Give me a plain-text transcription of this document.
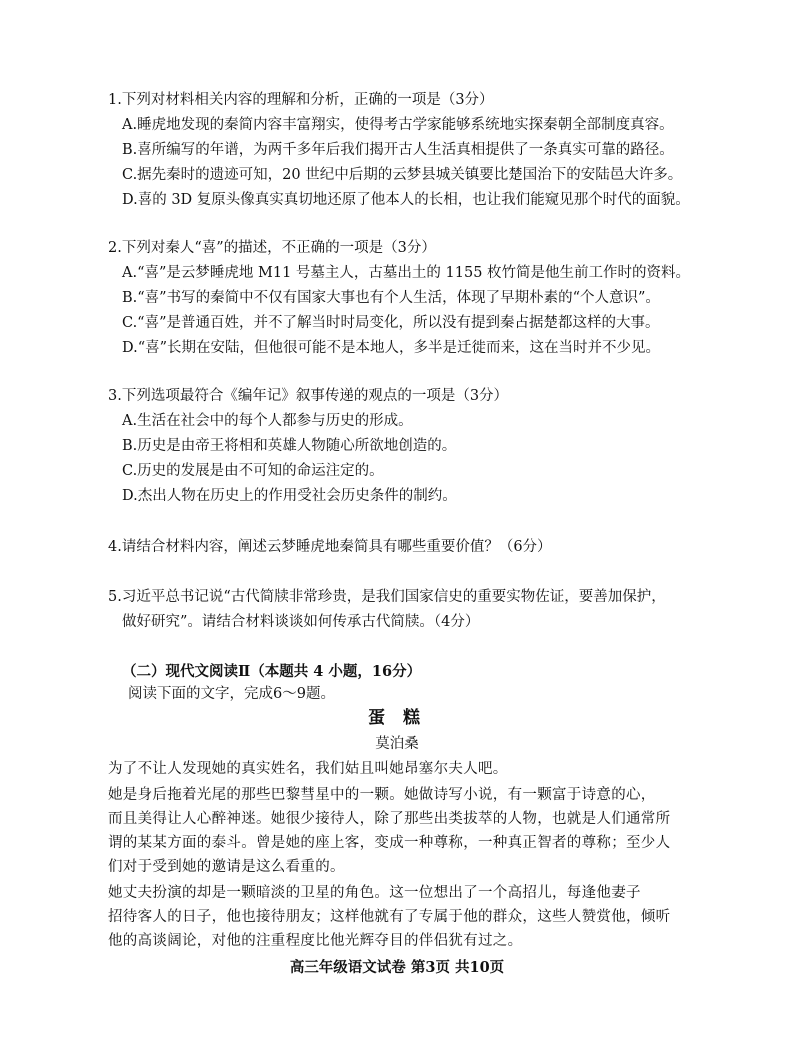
1.下列对材料相关内容的理解和分析，正确的一项是（3分）
A.睡虎地发现的秦简内容丰富翔实，使得考古学家能够系统地实探秦朝全部制度真容。
B.喜所编写的年谱，为两千多年后我们揭开古人生活真相提供了一条真实可靠的路径。
C.据先秦时的遗迹可知，20 世纪中后期的云梦县城关镇要比楚国治下的安陆邑大许多。
D.喜的 3D 复原头像真实真切地还原了他本人的长相，也让我们能窥见那个时代的面貌。
2.下列对秦人“喜”的描述，不正确的一项是（3分）
A.“喜”是云梦睡虎地 M11 号墓主人，古墓出土的 1155 枚竹简是他生前工作时的资料。
B.“喜”书写的秦简中不仅有国家大事也有个人生活，体现了早期朴素的“个人意识”。
C.“喜”是普通百姓，并不了解当时时局变化，所以没有提到秦占据楚都这样的大事。
D.“喜”长期在安陆，但他很可能不是本地人，多半是迁徙而来，这在当时并不少见。
3.下列选项最符合《编年记》叙事传递的观点的一项是（3分）
A.生活在社会中的每个人都参与历史的形成。
B.历史是由帝王将相和英雄人物随心所欲地创造的。
C.历史的发展是由不可知的命运注定的。
D.杰出人物在历史上的作用受社会历史条件的制约。
4.请结合材料内容，阐述云梦睡虎地秦简具有哪些重要价值？（6分）
5.习近平总书记说“古代简牍非常珍贵，是我们国家信史的重要实物佐证，要善加保护，
做好研究”。请结合材料谈谈如何传承古代简牍。（4分）
（二）现代文阅读Ⅱ（本题共 4 小题，16分）
阅读下面的文字，完成6～9题。
蛋 糕
莫泊桑
为了不让人发现她的真实姓名，我们姑且叫她昂塞尔夫人吧。
她是身后拖着光尾的那些巴黎彗星中的一颗。她做诗写小说，有一颗富于诗意的心，
而且美得让人心醉神迷。她很少接待人，除了那些出类拔萃的人物，也就是人们通常所
谓的某某方面的泰斗。曾是她的座上客，变成一种尊称，一种真正智者的尊称；至少人
们对于受到她的邀请是这么看重的。
她丈夫扮演的却是一颗暗淡的卫星的角色。这一位想出了一个高招儿，每逢他妻子
招待客人的日子，他也接待朋友；这样他就有了专属于他的群众，这些人赞赏他，倾听
他的高谈阔论，对他的注重程度比他光辉夺目的伴侣犹有过之。
高三年级语文试卷 第3页 共10页
